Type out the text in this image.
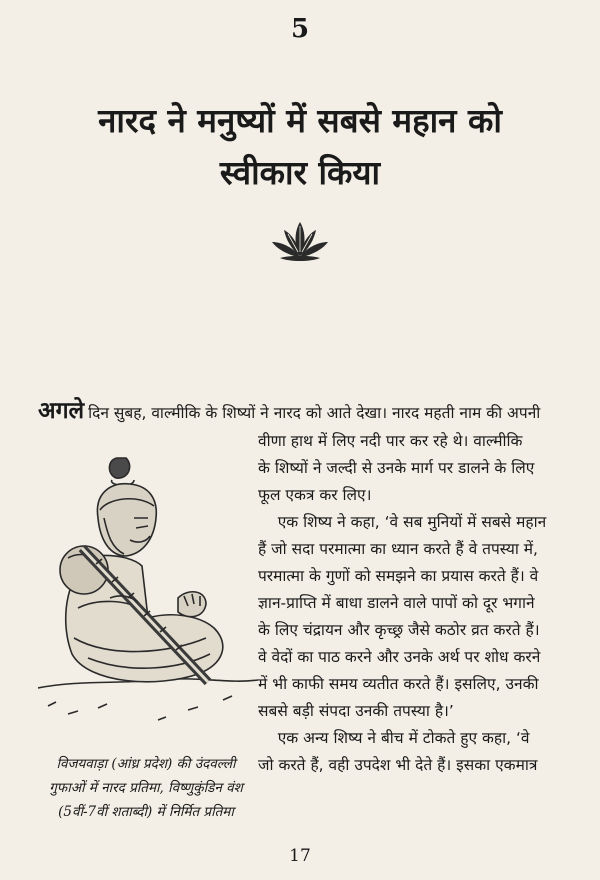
5
नारद ने मनुष्यों में सबसे महान को
स्वीकार किया
अगले दिन सुबह, वाल्मीकि के शिष्यों ने नारद को आते देखा। नारद महती नाम की अपनी
वीणा हाथ में लिए नदी पार कर रहे थे। वाल्मीकि
के शिष्यों ने जल्दी से उनके मार्ग पर डालने के लिए
फूल एकत्र कर लिए।
एक शिष्य ने कहा, ‘वे सब मुनियों में सबसे महान
हैं जो सदा परमात्मा का ध्यान करते हैं वे तपस्या में,
परमात्मा के गुणों को समझने का प्रयास करते हैं। वे
ज्ञान-प्राप्ति में बाधा डालने वाले पापों को दूर भगाने
के लिए चंद्रायन और कृच्छ्र जैसे कठोर व्रत करते हैं।
वे वेदों का पाठ करने और उनके अर्थ पर शोध करने
में भी काफी समय व्यतीत करते हैं। इसलिए, उनकी
सबसे बड़ी संपदा उनकी तपस्या है।’
एक अन्य शिष्य ने बीच में टोकते हुए कहा, ‘वे
जो करते हैं, वही उपदेश भी देते हैं। इसका एकमात्र
विजयवाड़ा (आंध्र प्रदेश) की उंदवल्ली
गुफाओं में नारद प्रतिमा, विष्णुकुंडिन वंश
(5वीं-7वीं शताब्दी) में निर्मित प्रतिमा
17
